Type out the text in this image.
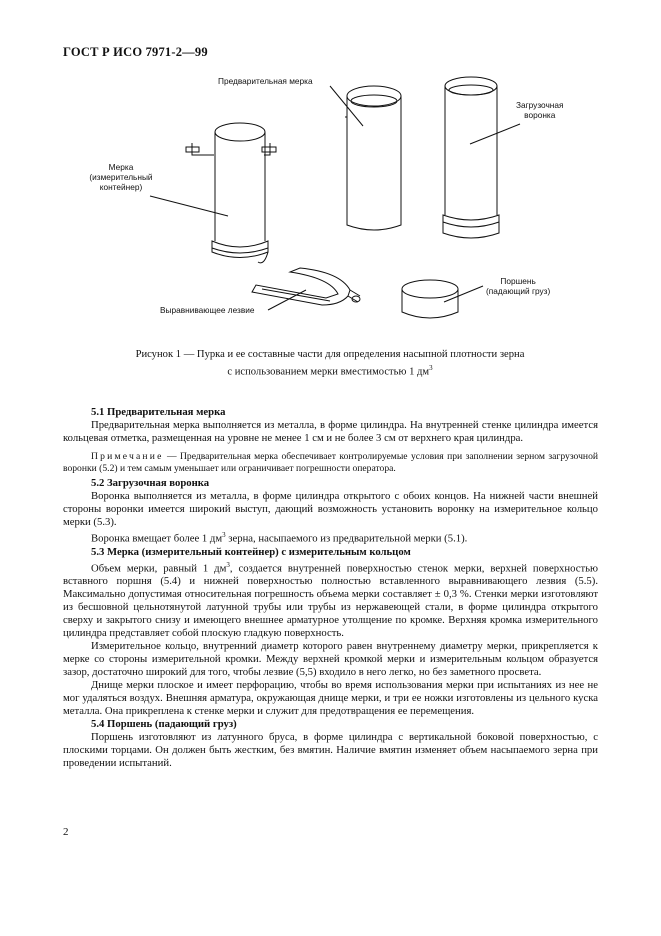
ГОСТ Р ИСО 7971-2—99
Предварительная мерка
Загрузочная
воронка
Мерка
(измерительный
контейнер)
Выравнивающее лезвие
Поршень
(падающий груз)
Рисунок 1 — Пурка и ее составные части для определения насыпной плотности зерна
с использованием мерки вместимостью 1 $дм^3$

5.1 Предварительная мерка

Предварительная мерка выполняется из металла, в форме цилиндра. На внутренней стенке цилиндра имеется кольцевая отметка, размещенная на уровне не менее 1 см и не более 3 см от верхнего края цилиндра.

Примечание — Предварительная мерка обеспечивает контролируемые условия при заполнении зерном загрузочной воронки (5.2) и тем самым уменьшает или ограничивает погрешности оператора.

5.2 Загрузочная воронка

Воронка выполняется из металла, в форме цилиндра открытого с обоих концов. На нижней части внешней стороны воронки имеется широкий выступ, дающий возможность установить воронку на измерительное кольцо мерки (5.3).

Воронка вмещает более 1 $дм^3$ зерна, насыпаемого из предварительной мерки (5.1).

5.3 Мерка (измерительный контейнер) с измерительным кольцом

Объем мерки, равный 1 $дм^3$, создается внутренней поверхностью стенок мерки, верхней поверхностью вставного поршня (5.4) и нижней поверхностью полностью вставленного выравнивающего лезвия (5.5). Максимально допустимая относительная погрешность объема мерки составляет ± 0,3 %. Стенки мерки изготовляют из бесшовной цельнотянутой латунной трубы или трубы из нержавеющей стали, в форме цилиндра открытого сверху и закрытого снизу и имеющего внешнее арматурное утолщение по кромке. Верхняя кромка измерительного цилиндра представляет собой плоскую гладкую поверхность.

Измерительное кольцо, внутренний диаметр которого равен внутреннему диаметру мерки, прикрепляется к мерке со стороны измерительной кромки. Между верхней кромкой мерки и измерительным кольцом образуется зазор, достаточно широкий для того, чтобы лезвие (5,5) входило в него легко, но без заметного просвета.

Днище мерки плоское и имеет перфорацию, чтобы во время использования мерки при испытаниях из нее не мог удаляться воздух. Внешняя арматура, окружающая днище мерки, и три ее ножки изготовлены из цельного куска металла. Она прикреплена к стенке мерки и служит для предотвращения ее перемещения.

5.4 Поршень (падающий груз)

Поршень изготовляют из латунного бруса, в форме цилиндра с вертикальной боковой поверхностью, с плоскими торцами. Он должен быть жестким, без вмятин. Наличие вмятин изменяет объем насыпаемого зерна при проведении испытаний.

2
